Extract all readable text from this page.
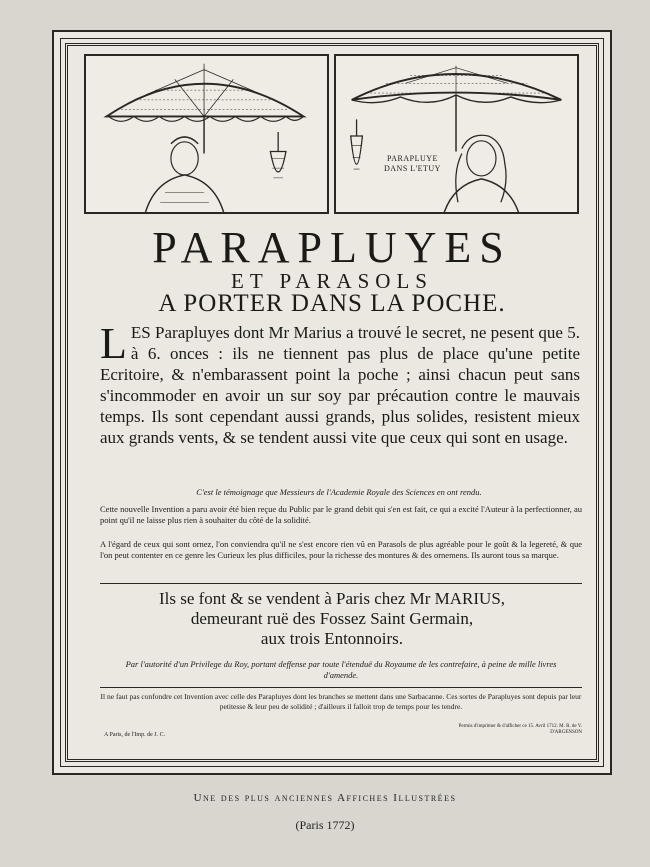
PARAPLUYE
DANS L'ETUY
PARAPLUYES
ET PARASOLS
A PORTER DANS LA POCHE.
LES Parapluyes dont Mr Marius a trouvé le secret, ne pesent que 5. à 6. onces : ils ne tiennent pas plus de place qu'une petite Ecritoire, & n'embarassent point la poche ; ainsi chacun peut sans s'incommoder en avoir un sur soy par précaution contre le mauvais temps. Ils sont cependant aussi grands, plus solides, resistent mieux aux grands vents, & se tendent aussi vite que ceux qui sont en usage.
C'est le témoignage que Messieurs de l'Academie Royale des Sciences en ont rendu.
Cette nouvelle Invention a paru avoir été bien reçue du Public par le grand debit qui s'en est fait, ce qui a excité l'Auteur à la perfectionner, au point qu'il ne laisse plus rien à souhaiter du côté de la solidité.
A l'égard de ceux qui sont ornez, l'on conviendra qu'il ne s'est encore rien vû en Parasols de plus agréable pour le goût & la legereté, & que l'on peut contenter en ce genre les Curieux les plus difficiles, pour la richesse des montures & des ornemens. Ils auront tous sa marque.
Ils se font & se vendent à Paris chez Mr MARIUS,
demeurant ruë des Fossez Saint Germain,
aux trois Entonnoirs.
Par l'autorité d'un Privilege du Roy, portant deffense par toute l'étenduë du Royaume de les contrefaire, à peine de mille livres d'amende.
Il ne faut pas confondre cet Invention avec celle des Parapluyes dont les branches se mettent dans une Sarbacanne. Ces sortes de Parapluyes sont depuis par leur petitesse & leur peu de solidité ; d'ailleurs il falloit trop de temps pour les tendre.
A Paris, de l'Imp. de J. C.
Permis d'imprimer & d'afficher ce 15. Avril 1712. M. R. de V. D'ARGENSON
Une des plus anciennes Affiches Illustrées
(Paris 1772)
